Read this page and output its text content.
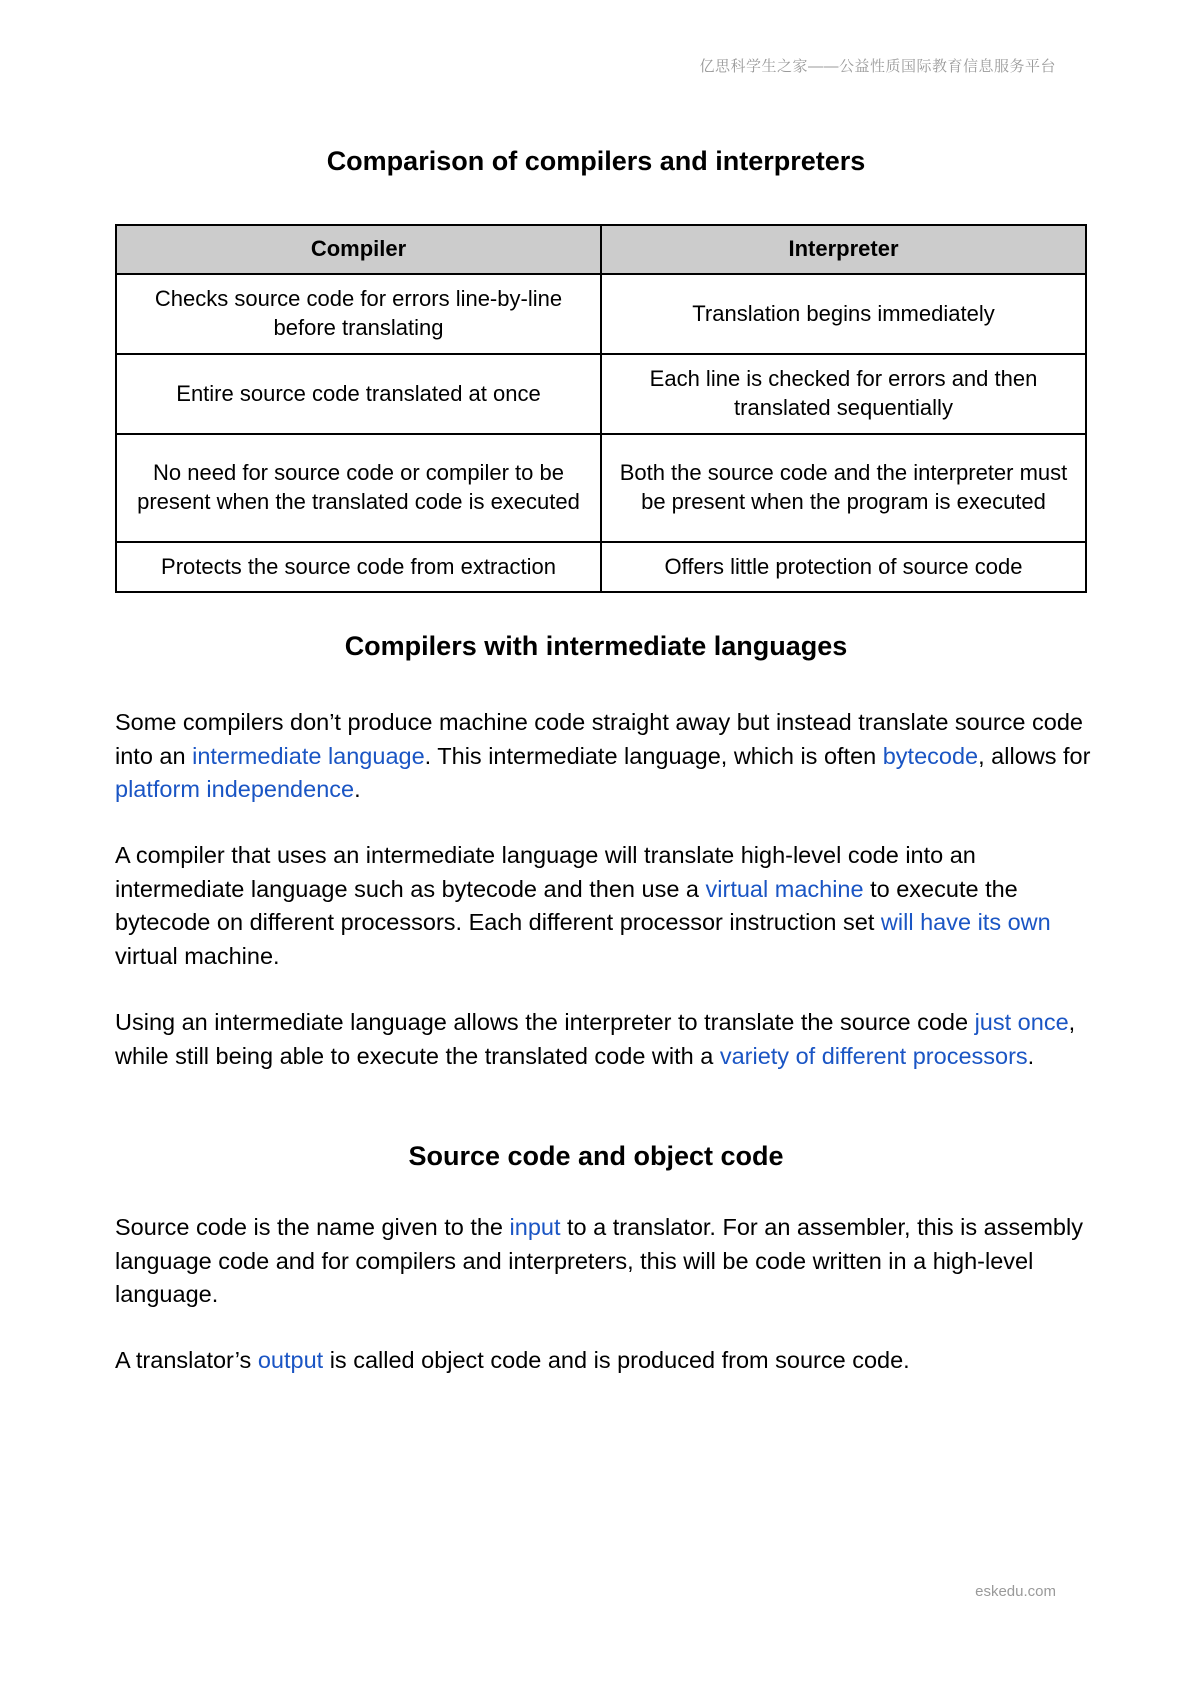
亿思科学生之家——公益性质国际教育信息服务平台
Comparison of compilers and interpreters
Compiler	Interpreter
Checks source code for errors line-by-line before translating	Translation begins immediately
Entire source code translated at once	Each line is checked for errors and then translated sequentially
No need for source code or compiler to be present when the translated code is executed	Both the source code and the interpreter must be present when the program is executed
Protects the source code from extraction	Offers little protection of source code
Compilers with intermediate languages

Some compilers don’t produce machine code straight away but instead translate source code into an intermediate language. This intermediate language, which is often bytecode, allows for platform independence.

A compiler that uses an intermediate language will translate high-level code into an intermediate language such as bytecode and then use a virtual machine to execute the bytecode on different processors. Each different processor instruction set will have its own virtual machine.

Using an intermediate language allows the interpreter to translate the source code just once, while still being able to execute the translated code with a variety of different processors.

Source code and object code

Source code is the name given to the input to a translator. For an assembler, this is assembly language code and for compilers and interpreters, this will be code written in a high-level language.

A translator’s output is called object code and is produced from source code.

eskedu.com
